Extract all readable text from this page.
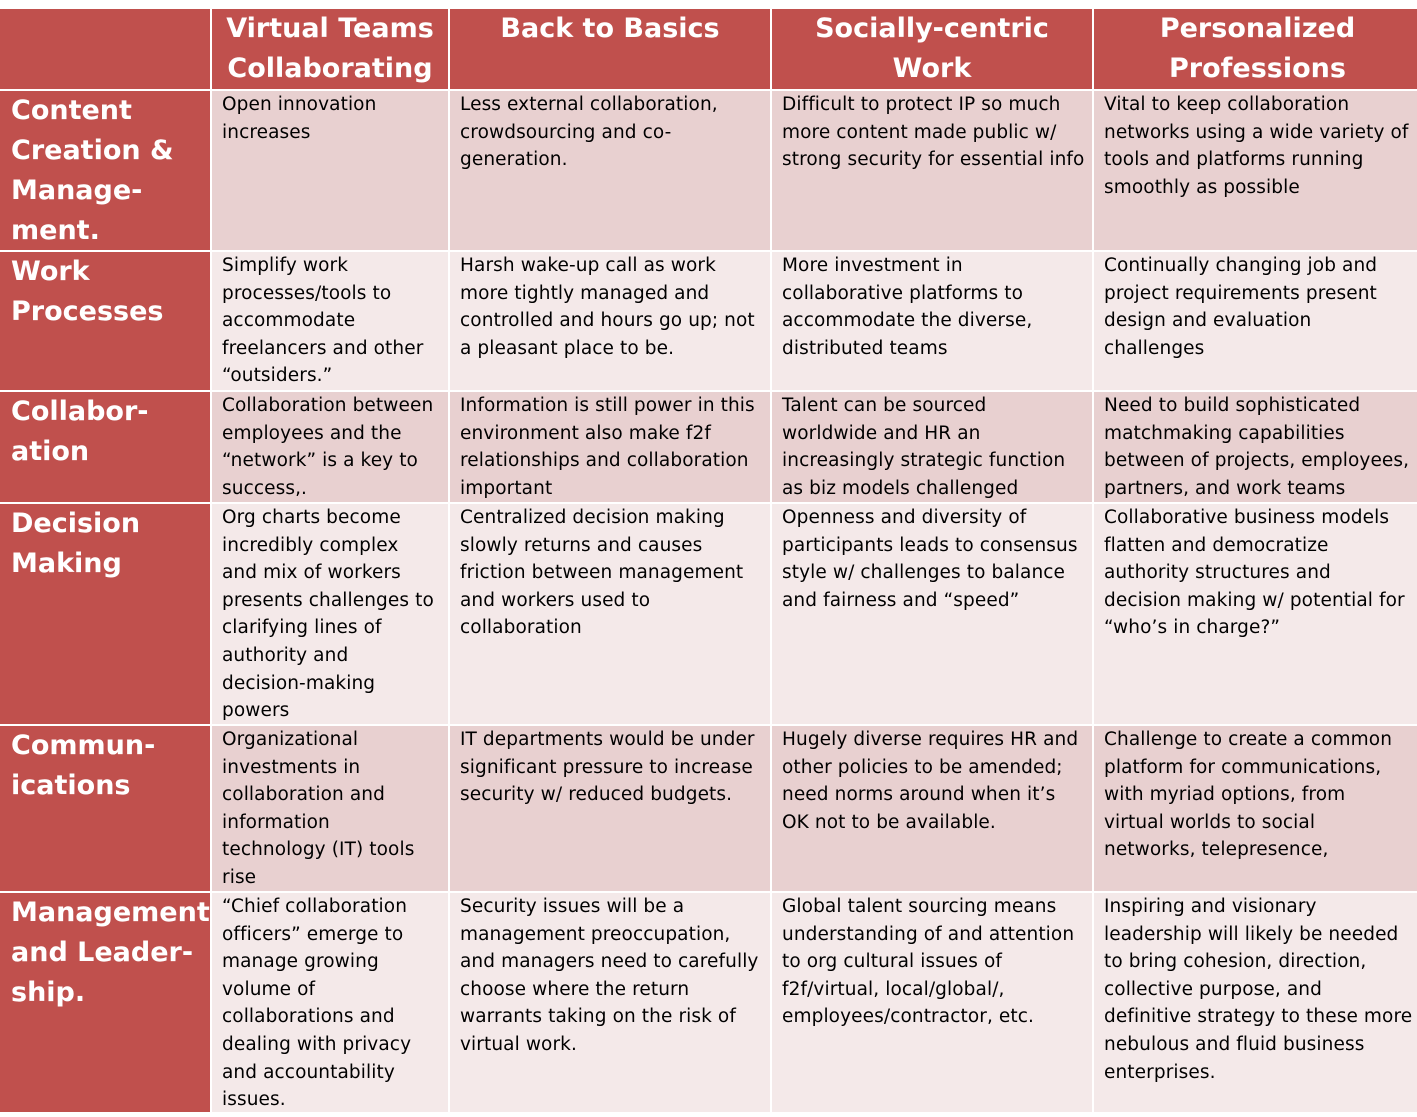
Virtual Teams Collaborating
Back to Basics	Socially-centric Work
Personalized Professions
Content
Creation &
Manage-
ment.
Open innovation
increases
Less external collaboration,
crowdsourcing and co-
generation.
Difficult to protect IP so much
more content made public w/
strong security for essential info
Vital to keep collaboration
networks using a wide variety of
tools and platforms running
smoothly as possible
Work
Processes
Simplify work
processes/tools to
accommodate
freelancers and other
“outsiders.”
Harsh wake-up call as work
more tightly managed and
controlled and hours go up; not
a pleasant place to be.
More investment in
collaborative platforms to
accommodate the diverse,
distributed teams
Continually changing job and
project requirements present
design and evaluation
challenges
Collabor-
ation
Collaboration between
employees and the
“network” is a key to
success,.
Information is still power in this
environment also make f2f
relationships and collaboration
important
Talent can be sourced
worldwide and HR an
increasingly strategic function
as biz models challenged
Need to build sophisticated
matchmaking capabilities
between of projects, employees,
partners, and work teams
Decision
Making
Org charts become
incredibly complex
and mix of workers
presents challenges to
clarifying lines of
authority and
decision-making
powers
Centralized decision making
slowly returns and causes
friction between management
and workers used to
collaboration
Openness and diversity of
participants leads to consensus
style w/ challenges to balance
and fairness and “speed”
Collaborative business models
flatten and democratize
authority structures and
decision making w/ potential for
“who’s in charge?”
Commun-
ications
Organizational
investments in
collaboration and
information
technology (IT) tools
rise
IT departments would be under
significant pressure to increase
security w/ reduced budgets.
Hugely diverse requires HR and
other policies to be amended;
need norms around when it’s
OK not to be available.
Challenge to create a common
platform for communications,
with myriad options, from
virtual worlds to social
networks, telepresence,
Management
and Leader-
ship.
“Chief collaboration
officers” emerge to
manage growing
volume of
collaborations and
dealing with privacy
and accountability
issues.
Security issues will be a
management preoccupation,
and managers need to carefully
choose where the return
warrants taking on the risk of
virtual work.
Global talent sourcing means
understanding of and attention
to org cultural issues of
f2f/virtual, local/global/,
employees/contractor, etc.
Inspiring and visionary
leadership will likely be needed
to bring cohesion, direction,
collective purpose, and
definitive strategy to these more
nebulous and fluid business
enterprises.
